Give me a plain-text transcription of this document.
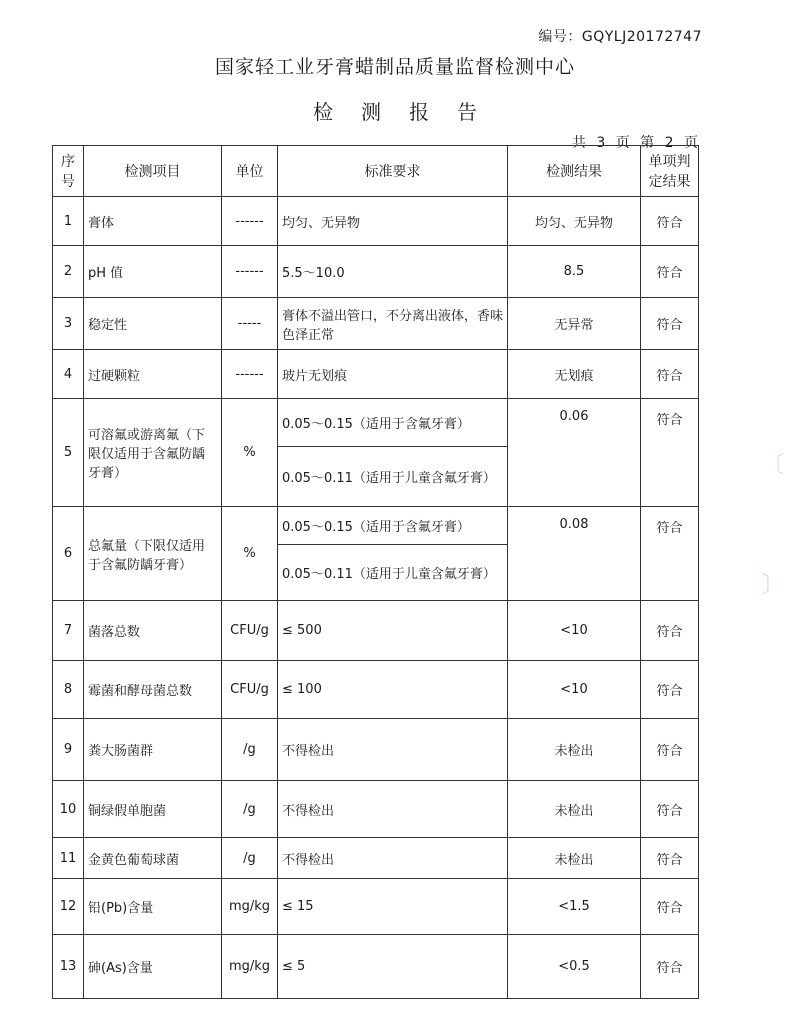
编号：GQYLJ20172747
国家轻工业牙膏蜡制品质量监督检测中心
检测报告
共 3 页 第 2 页
〔
〕
序号	检测项目	单位	标准要求	检测结果	单项判定结果
1	膏体	------	均匀、无异物	均匀、无异物	符合
2	pH 值	------	5.5～10.0	8.5	符合
3	稳定性	-----	膏体不溢出管口，不分离出液体，香味色泽正常	无异常	符合
4	过硬颗粒	------	玻片无划痕	无划痕	符合
5	可溶氟或游离氟（下限仅适用于含氟防龋牙膏）	%	0.05～0.15（适用于含氟牙膏）	0.06	符合
			0.05～0.11（适用于儿童含氟牙膏）		
6	总氟量（下限仅适用于含氟防龋牙膏）	%	0.05～0.15（适用于含氟牙膏）	0.08	符合
			0.05～0.11（适用于儿童含氟牙膏）		
7	菌落总数	CFU/g	≤ 500	<10	符合
8	霉菌和酵母菌总数	CFU/g	≤ 100	<10	符合
9	粪大肠菌群	/g	不得检出	未检出	符合
10	铜绿假单胞菌	/g	不得检出	未检出	符合
11	金黄色葡萄球菌	/g	不得检出	未检出	符合
12	铅(Pb)含量	mg/kg	≤ 15	<1.5	符合
13	砷(As)含量	mg/kg	≤ 5	<0.5	符合
